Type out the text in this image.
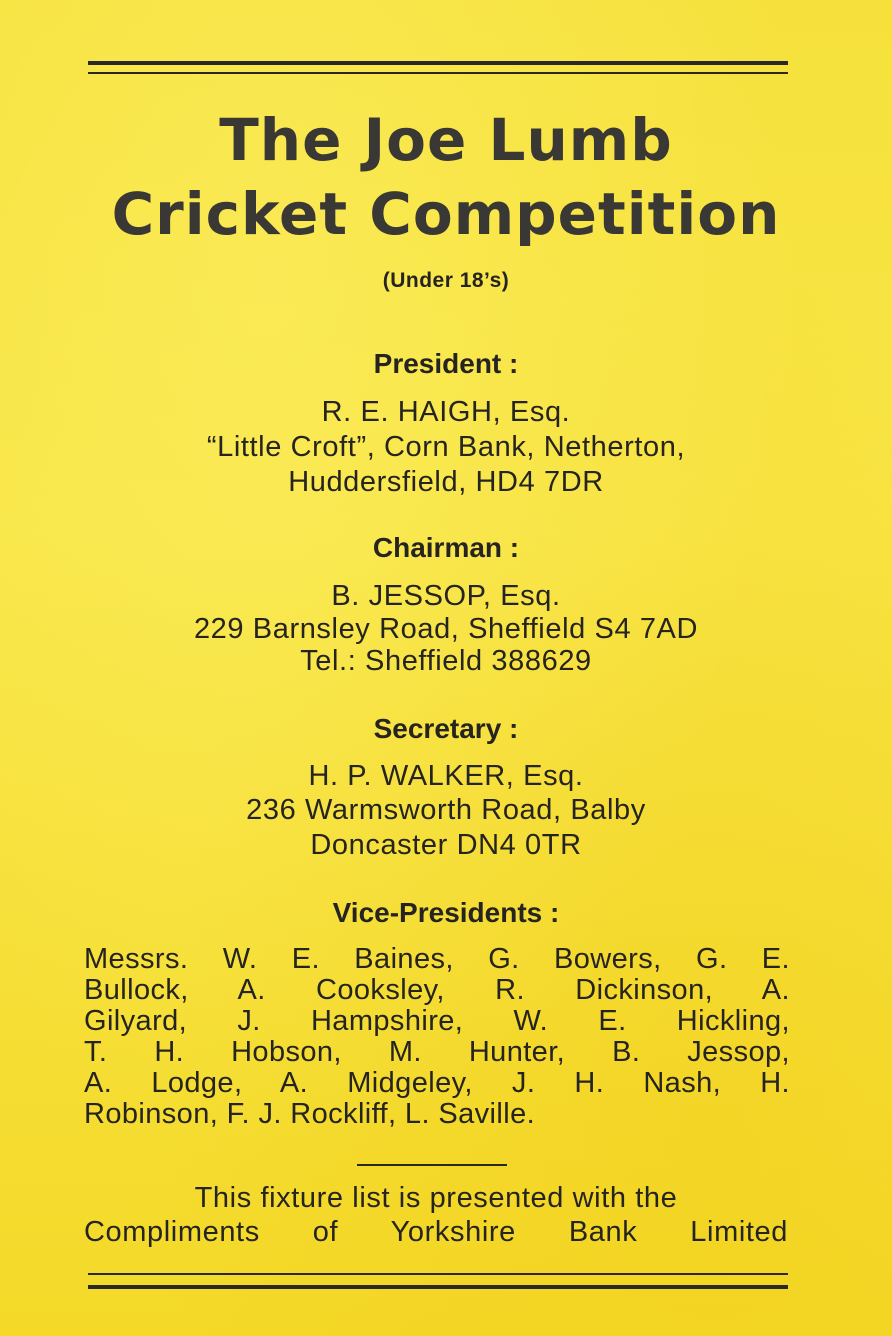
The Joe Lumb
Cricket Competition
(Under 18’s)
President :
R. E. HAIGH, Esq.
“Little Croft”, Corn Bank, Netherton,
Huddersfield, HD4 7DR
Chairman :
B. JESSOP, Esq.
229 Barnsley Road, Sheffield S4 7AD
Tel.: Sheffield 388629
Secretary :
H. P. WALKER, Esq.
236 Warmsworth Road, Balby
Doncaster DN4 0TR
Vice-Presidents :
Messrs. W. E. Baines, G. Bowers, G. E.
Bullock, A. Cooksley, R. Dickinson, A.
Gilyard, J. Hampshire, W. E. Hickling,
T. H. Hobson, M. Hunter, B. Jessop,
A. Lodge, A. Midgeley, J. H. Nash, H.
Robinson, F. J. Rockliff, L. Saville.
This fixture list is presented with the
Compliments of Yorkshire Bank Limited
